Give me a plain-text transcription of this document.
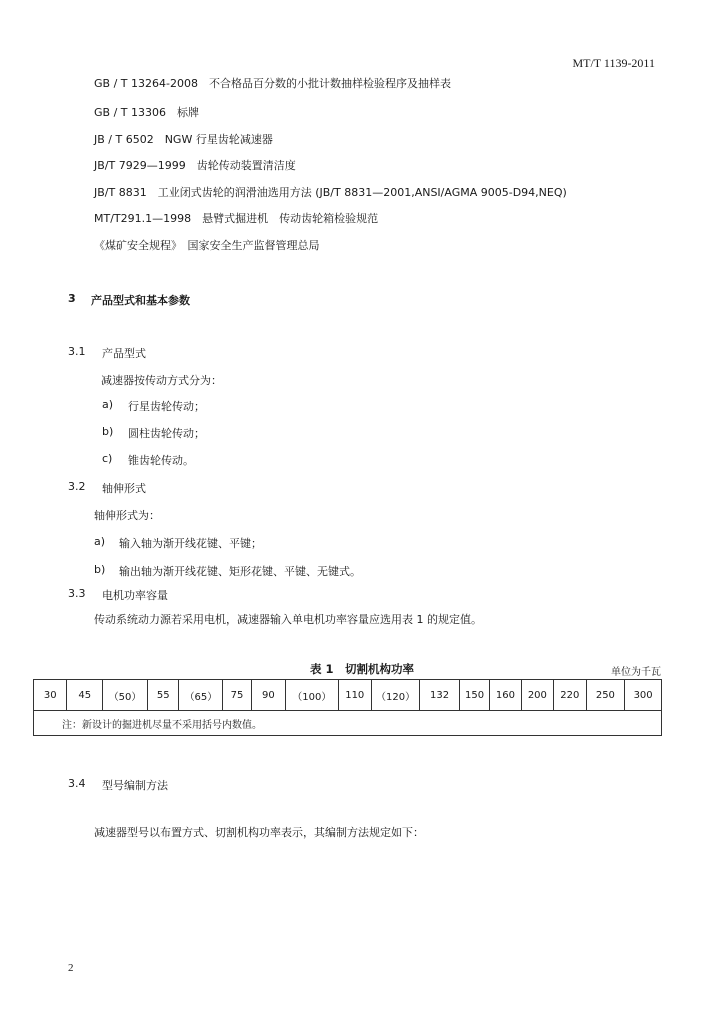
MT/T 1139-2011
GB / T 13264-2008　不合格品百分数的小批计数抽样检验程序及抽样表
GB / T 13306　标牌
JB / T 6502　NGW 行星齿轮减速器
JB/T 7929—1999　齿轮传动装置清洁度
JB/T 8831　工业闭式齿轮的润滑油选用方法 (JB/T 8831—2001,ANSI/AGMA 9005-D94,NEQ)
MT/T291.1—1998　悬臂式掘进机　传动齿轮箱检验规范
《煤矿安全规程》　国家安全生产监督管理总局
3 产品型式和基本参数
3.1 产品型式
减速器按传动方式分为：
a) 行星齿轮传动；
b) 圆柱齿轮传动；
c) 锥齿轮传动。
3.2 轴伸形式
轴伸形式为：
a) 输入轴为渐开线花键、平键；
b) 输出轴为渐开线花键、矩形花键、平键、无键式。
3.3 电机功率容量
传动系统动力源若采用电机，减速器输入单电机功率容量应选用表 1 的规定值。
表 1　切割机构功率	单位为千瓦
30	45	（50）	55	（65）	75	90	（100）	110	（120）	132	150	160	200	220	250	300
注：新设计的掘进机尽量不采用括号内数值。
3.4 型号编制方法
减速器型号以布置方式、切割机构功率表示，其编制方法规定如下：
2
